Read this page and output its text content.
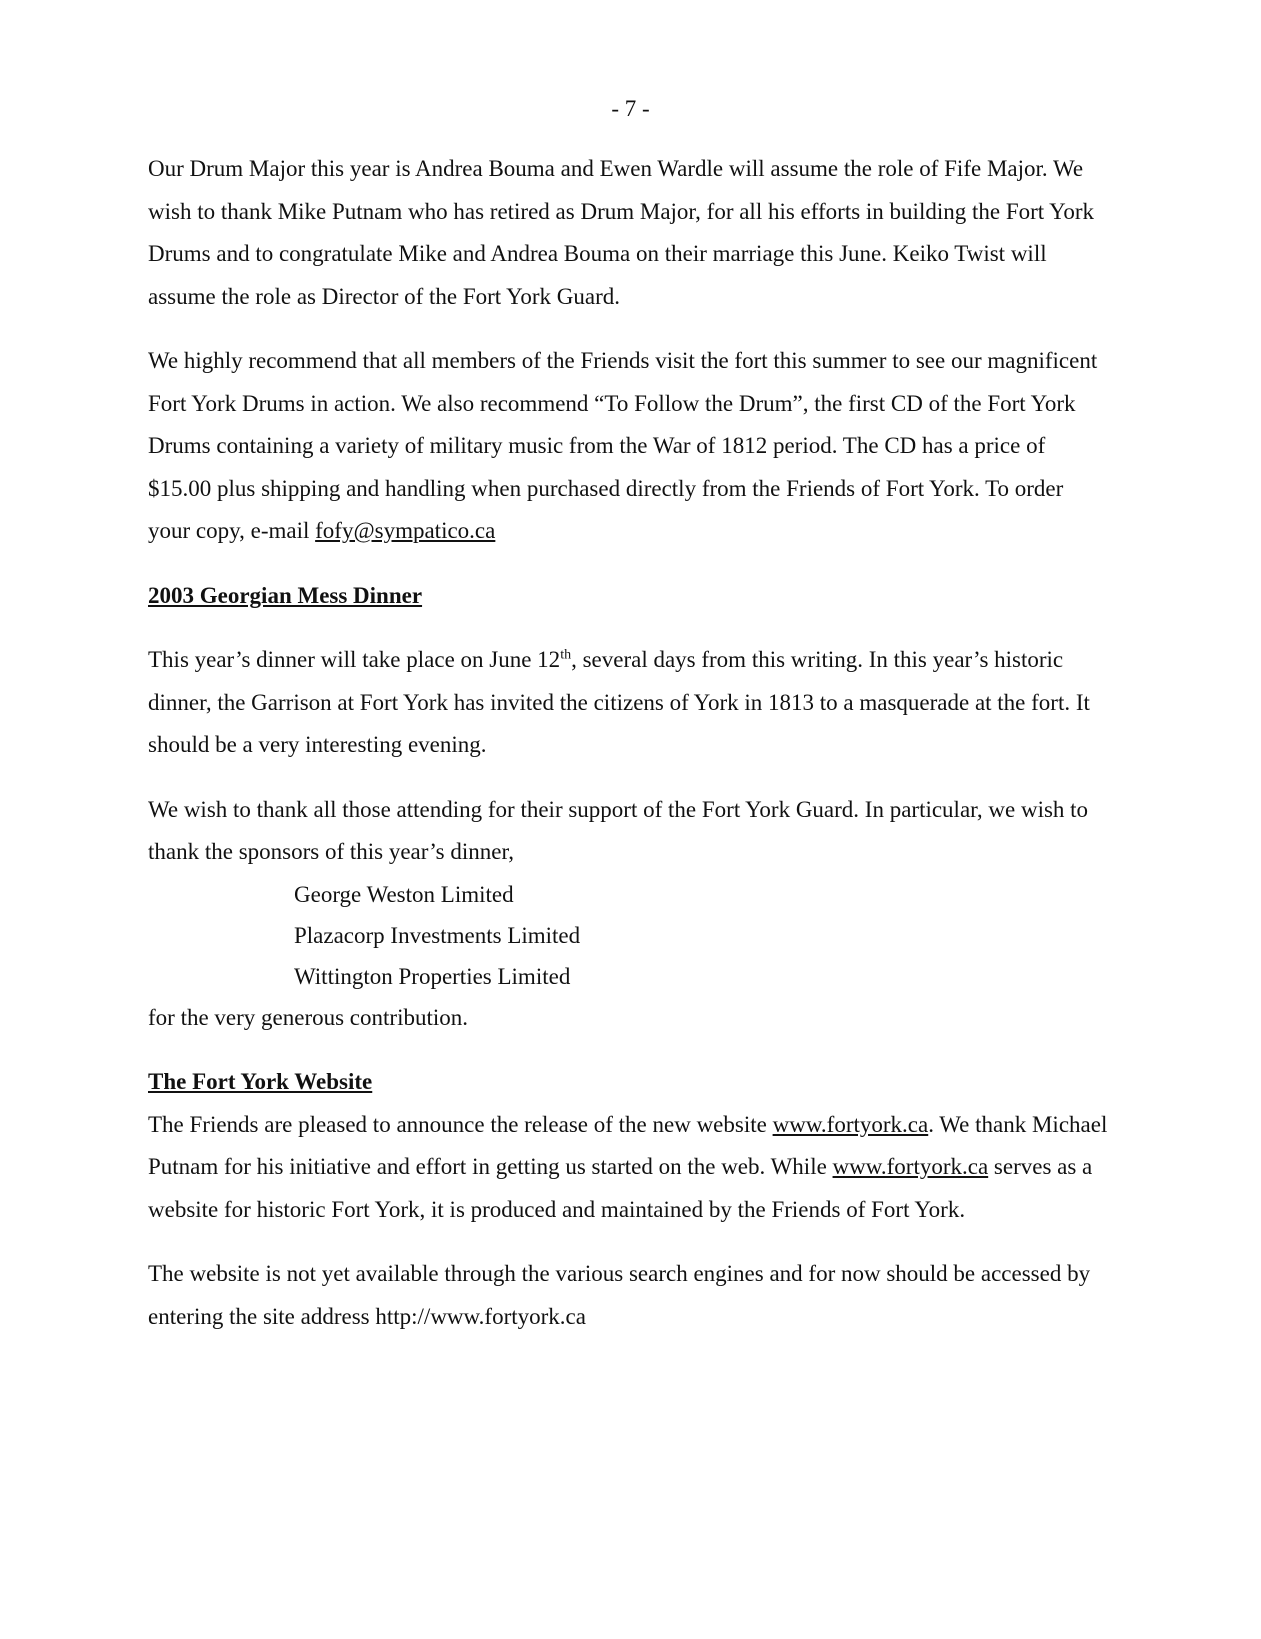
- 7 -

Our Drum Major this year is Andrea Bouma and Ewen Wardle will assume the role of Fife Major. We wish to thank Mike Putnam who has retired as Drum Major, for all his efforts in building the Fort York Drums and to congratulate Mike and Andrea Bouma on their marriage this June. Keiko Twist will assume the role as Director of the Fort York Guard.

We highly recommend that all members of the Friends visit the fort this summer to see our magnificent Fort York Drums in action. We also recommend “To Follow the Drum”, the first CD of the Fort York Drums containing a variety of military music from the War of 1812 period. The CD has a price of $15.00 plus shipping and handling when purchased directly from the Friends of Fort York. To order your copy, e-mail fofy@sympatico.ca

2003 Georgian Mess Dinner

This year’s dinner will take place on June 12th, several days from this writing. In this year’s historic dinner, the Garrison at Fort York has invited the citizens of York in 1813 to a masquerade at the fort. It should be a very interesting evening.

We wish to thank all those attending for their support of the Fort York Guard. In particular, we wish to thank the sponsors of this year’s dinner,

George Weston Limited

Plazacorp Investments Limited

Wittington Properties Limited

for the very generous contribution.

The Fort York Website

The Friends are pleased to announce the release of the new website www.fortyork.ca. We thank Michael Putnam for his initiative and effort in getting us started on the web. While www.fortyork.ca serves as a website for historic Fort York, it is produced and maintained by the Friends of Fort York.

The website is not yet available through the various search engines and for now should be accessed by entering the site address http://www.fortyork.ca
